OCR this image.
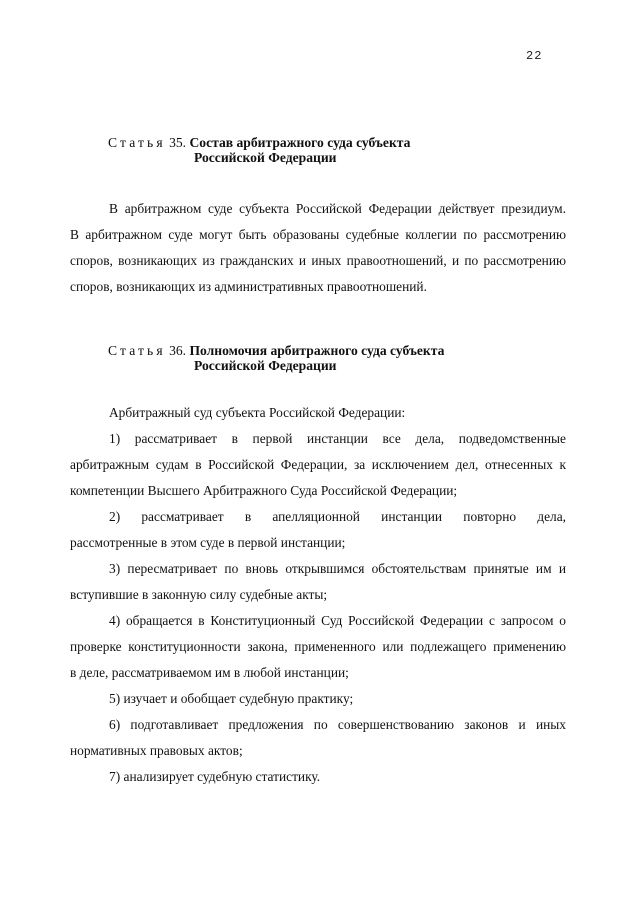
22
Статья 35. Состав арбитражного суда субъекта
Российской Федерации
В арбитражном суде субъекта Российской Федерации действует президиум.
В арбитражном суде могут быть образованы судебные коллегии по рассмотрению
споров, возникающих из гражданских и иных правоотношений, и по рассмотрению
споров, возникающих из административных правоотношений.
Статья 36. Полномочия арбитражного суда субъекта
Российской Федерации
Арбитражный суд субъекта Российской Федерации:
1) рассматривает в первой инстанции все дела, подведомственные
арбитражным судам в Российской Федерации, за исключением дел, отнесенных к
компетенции Высшего Арбитражного Суда Российской Федерации;
2) рассматривает в апелляционной инстанции повторно дела,
рассмотренные в этом суде в первой инстанции;
3) пересматривает по вновь открывшимся обстоятельствам принятые им и
вступившие в законную силу судебные акты;
4) обращается в Конституционный Суд Российской Федерации с запросом о
проверке конституционности закона, примененного или подлежащего применению
в деле, рассматриваемом им в любой инстанции;
5) изучает и обобщает судебную практику;
6) подготавливает предложения по совершенствованию законов и иных
нормативных правовых актов;
7) анализирует судебную статистику.
